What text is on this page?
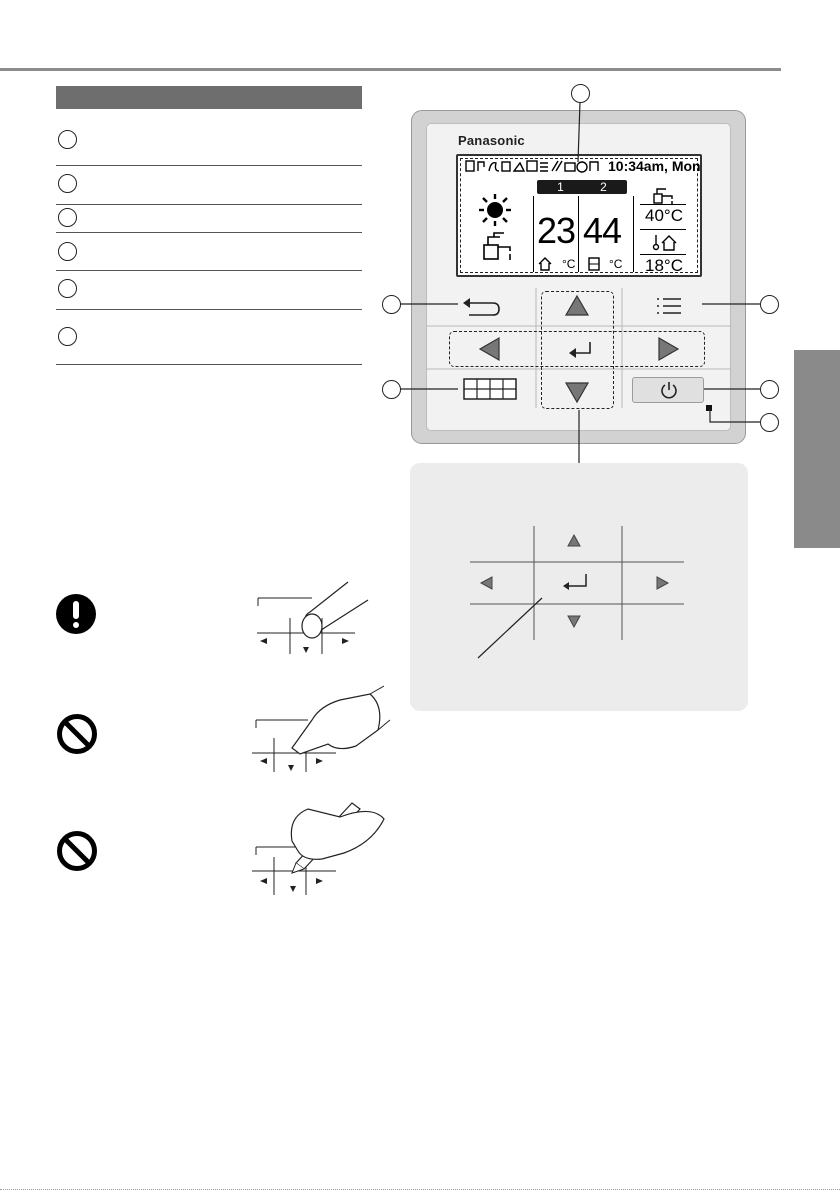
Panasonic
10:34am, Mon
1	2
23 44
°C	°C
40°C
18°C
